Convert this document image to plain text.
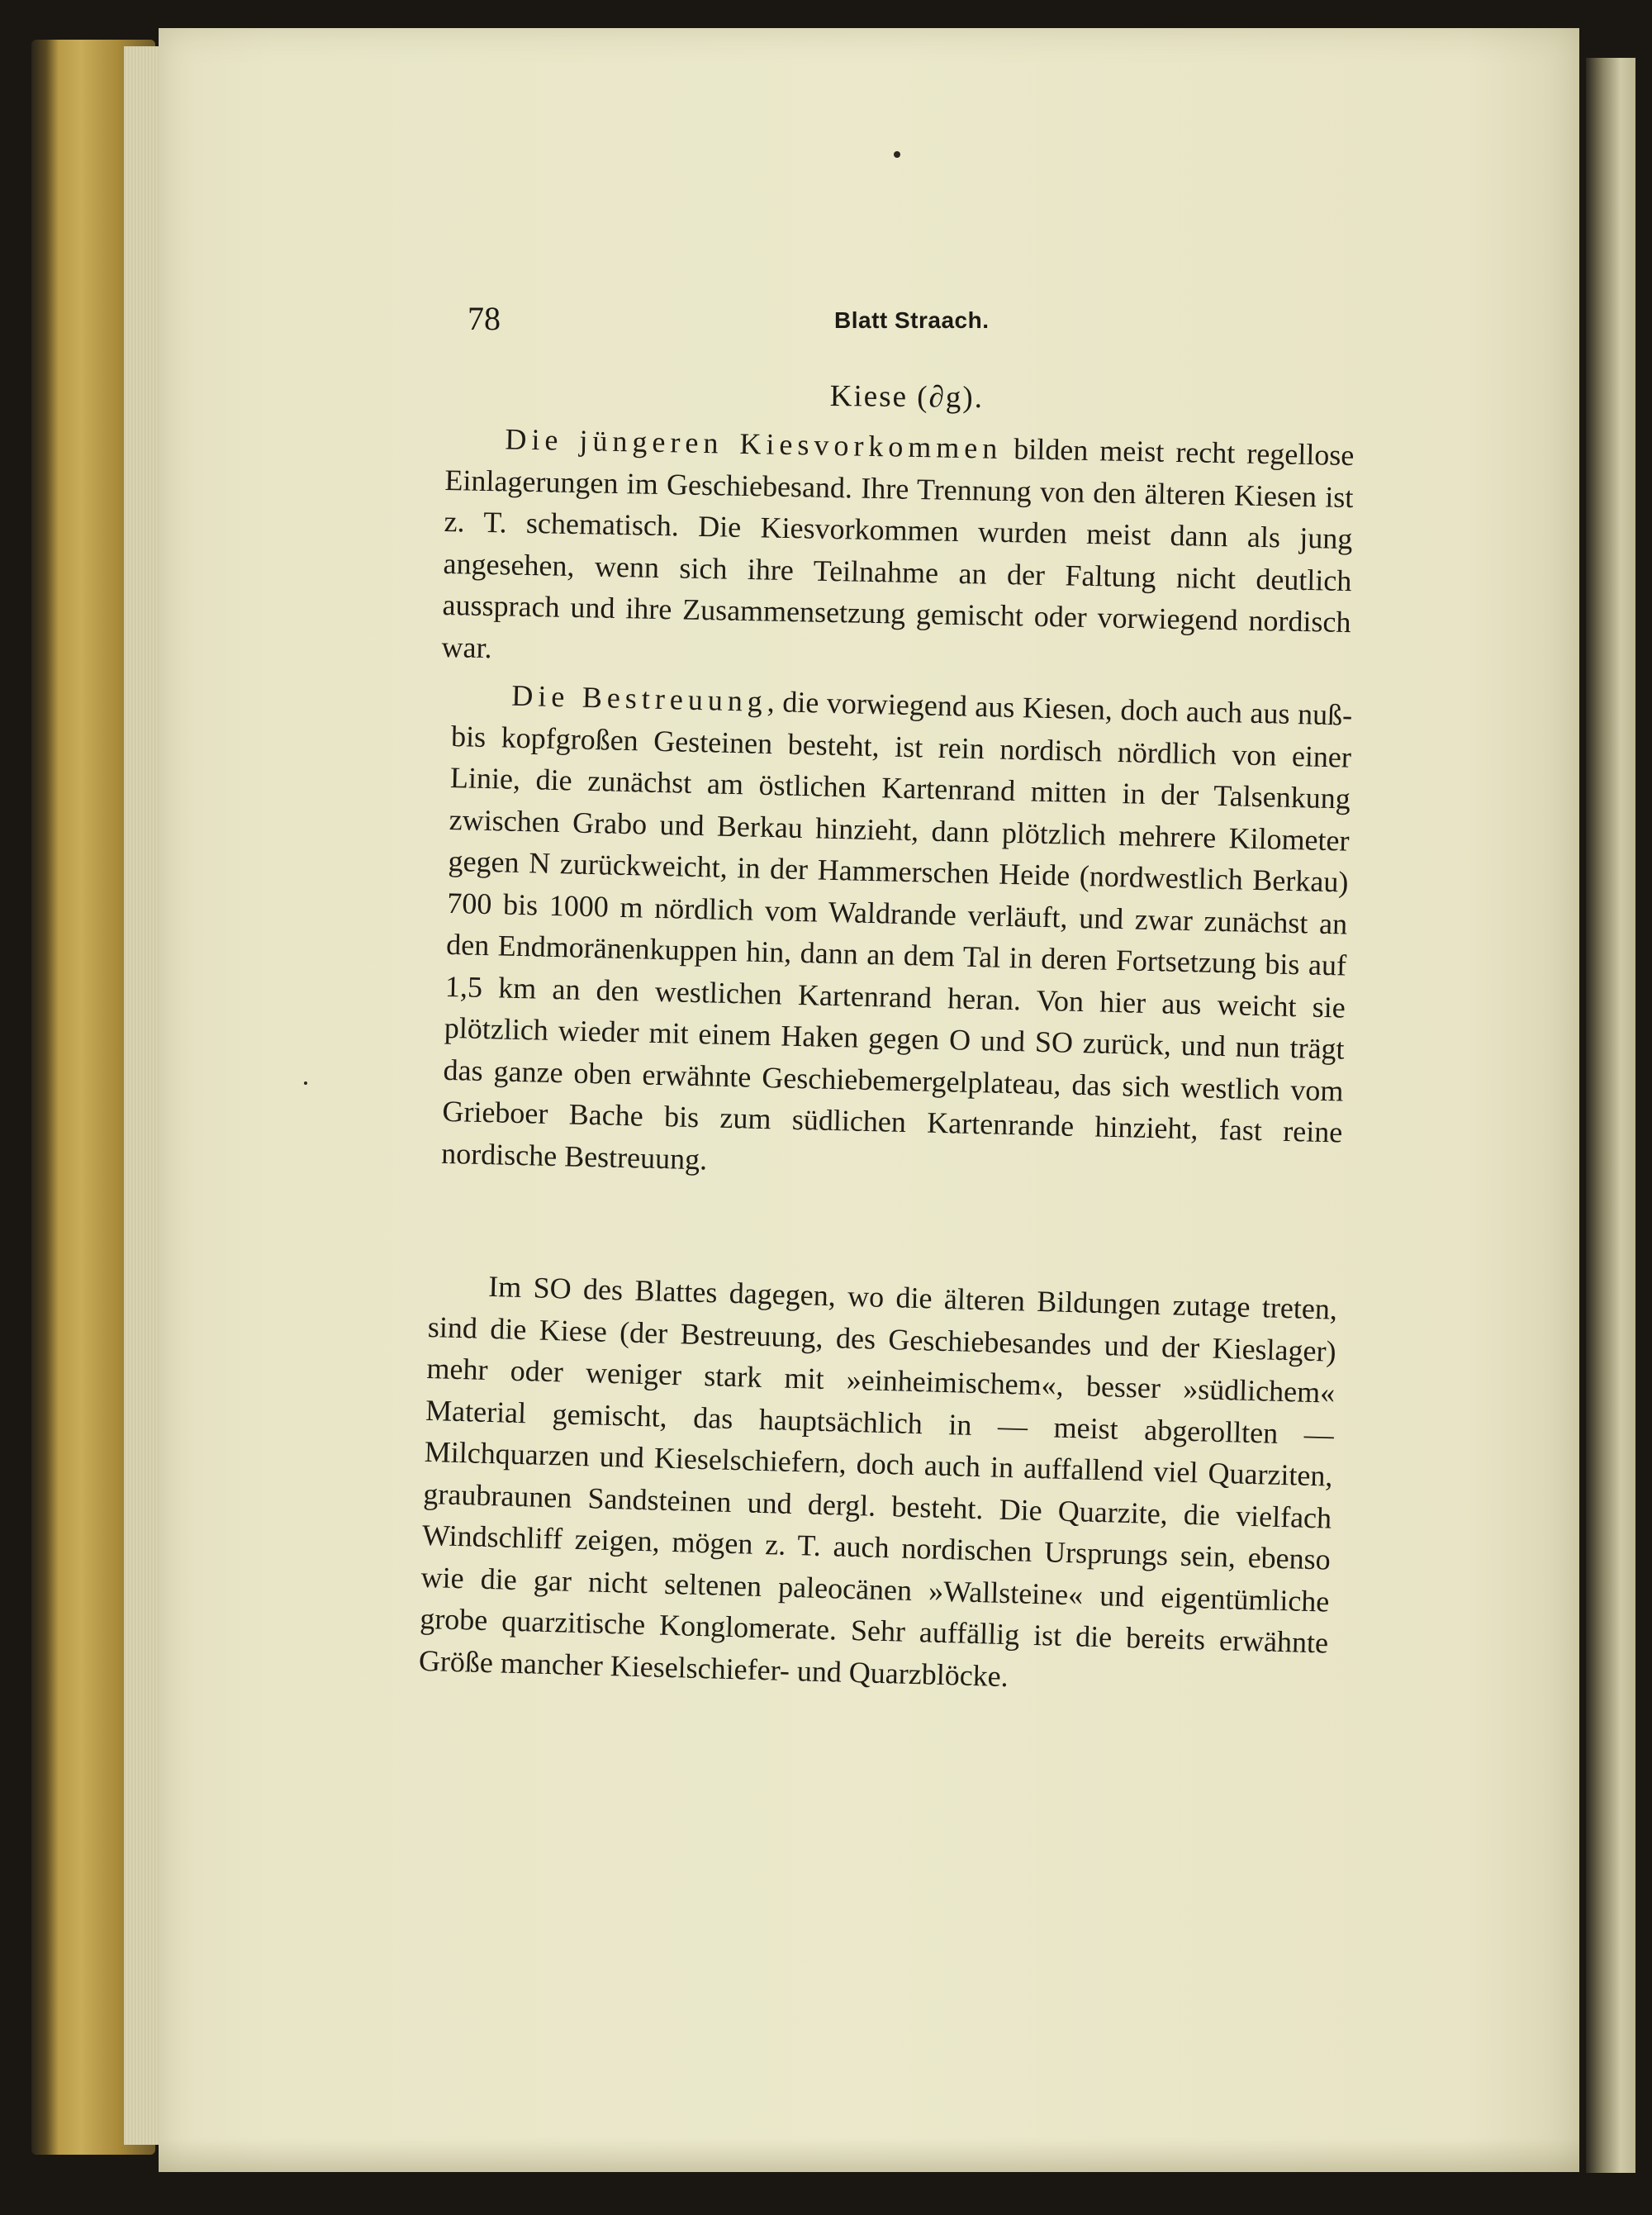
78	Blatt Straach.
Kiese (∂g).

Die jüngeren Kiesvorkommen bilden meist recht regellose Einlagerungen im Geschiebesand. Ihre Trennung von den älteren Kiesen ist z. T. schematisch. Die Kiesvorkommen wurden meist dann als jung angesehen, wenn sich ihre Teilnahme an der Faltung nicht deutlich aussprach und ihre Zusammensetzung gemischt oder vorwiegend nordisch war.

Die Bestreuung, die vorwiegend aus Kiesen, doch auch aus nuß- bis kopfgroßen Gesteinen besteht, ist rein nordisch nördlich von einer Linie, die zunächst am östlichen Kartenrand mitten in der Talsenkung zwischen Grabo und Berkau hinzieht, dann plötzlich mehrere Kilometer gegen N zurückweicht, in der Hammerschen Heide (nordwestlich Berkau) 700 bis 1000 m nördlich vom Waldrande verläuft, und zwar zunächst an den Endmoränenkuppen hin, dann an dem Tal in deren Fortsetzung bis auf 1,5 km an den westlichen Kartenrand heran. Von hier aus weicht sie plötzlich wieder mit einem Haken gegen O und SO zurück, und nun trägt das ganze oben erwähnte Geschiebemergelplateau, das sich westlich vom Grieboer Bache bis zum südlichen Kartenrande hinzieht, fast reine nordische Bestreuung.

Im SO des Blattes dagegen, wo die älteren Bildungen zutage treten, sind die Kiese (der Bestreuung, des Geschiebesandes und der Kieslager) mehr oder weniger stark mit »einheimischem«, besser »südlichem« Material gemischt, das hauptsächlich in — meist abgerollten — Milchquarzen und Kieselschiefern, doch auch in auffallend viel Quarziten, graubraunen Sandsteinen und dergl. besteht. Die Quarzite, die vielfach Windschliff zeigen, mögen z. T. auch nordischen Ursprungs sein, ebenso wie die gar nicht seltenen paleocänen »Wallsteine« und eigentümliche grobe quarzitische Konglomerate. Sehr auffällig ist die bereits erwähnte Größe mancher Kieselschiefer- und Quarzblöcke.
